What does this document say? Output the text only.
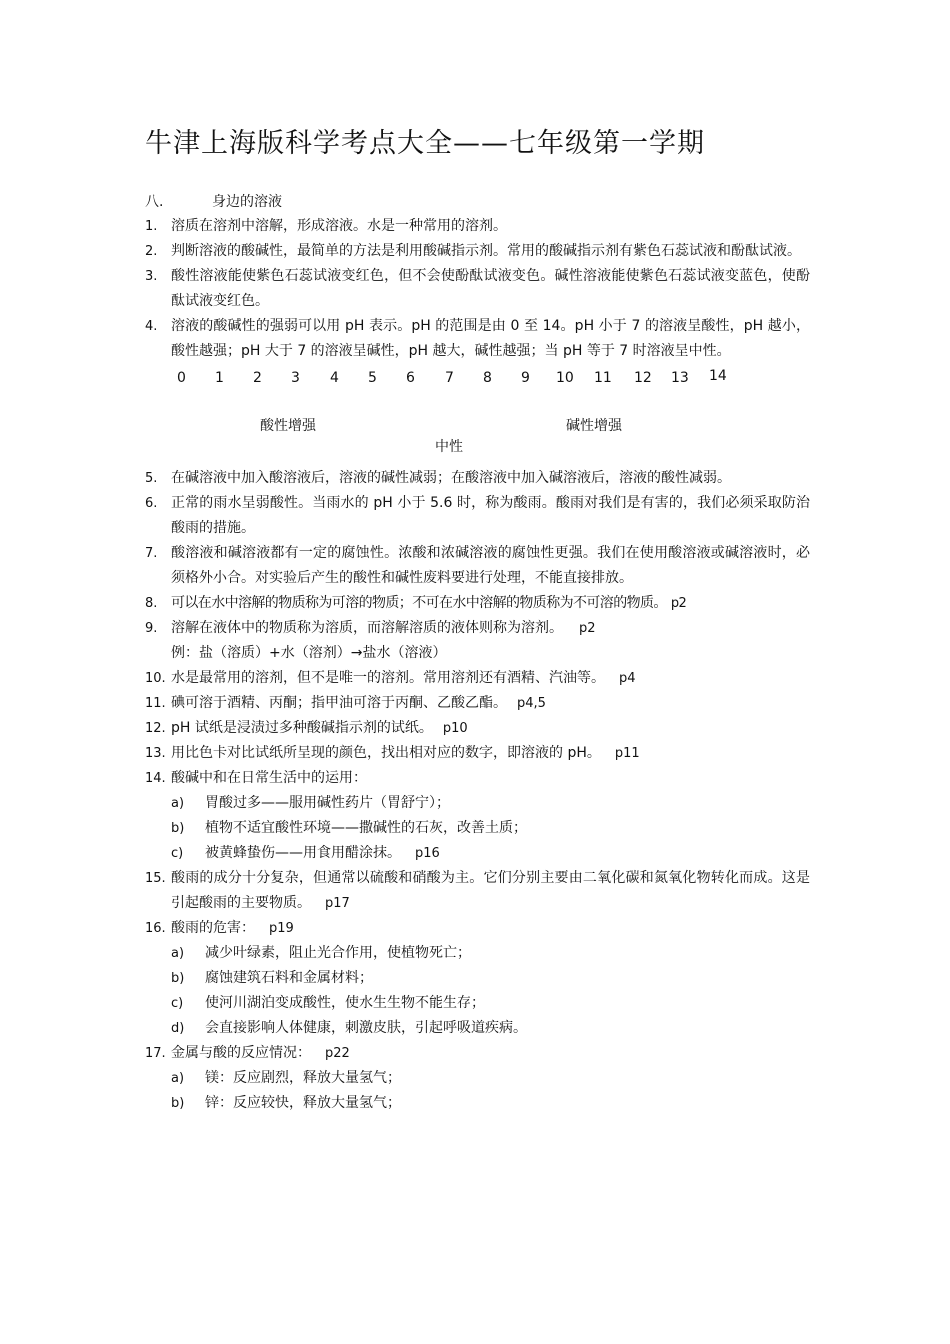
牛津上海版科学考点大全——七年级第一学期
八.	身边的溶液
1. 溶质在溶剂中溶解，形成溶液。水是一种常用的溶剂。
2. 判断溶液的酸碱性，最简单的方法是利用酸碱指示剂。常用的酸碱指示剂有紫色石蕊试液和酚酞试液。
3. 酸性溶液能使紫色石蕊试液变红色，但不会使酚酞试液变色。碱性溶液能使紫色石蕊试液变蓝色，使酚酞试液变红色。
4. 溶液的酸碱性的强弱可以用 pH 表示。pH 的范围是由 0 至 14。pH 小于 7 的溶液呈酸性，pH 越小，酸性越强；pH 大于 7 的溶液呈碱性，pH 越大，碱性越强；当 pH 等于 7 时溶液呈中性。
0 1 2 3 4 5 6 7 8 9 10 11 12 13 14
酸性增强	碱性增强
中性
5. 在碱溶液中加入酸溶液后，溶液的碱性减弱；在酸溶液中加入碱溶液后，溶液的酸性减弱。
6. 正常的雨水呈弱酸性。当雨水的 pH 小于 5.6 时，称为酸雨。酸雨对我们是有害的，我们必须采取防治酸雨的措施。
7. 酸溶液和碱溶液都有一定的腐蚀性。浓酸和浓碱溶液的腐蚀性更强。我们在使用酸溶液或碱溶液时，必须格外小合。对实验后产生的酸性和碱性废料要进行处理，不能直接排放。
8. 可以在水中溶解的物质称为可溶的物质；不可在水中溶解的物质称为不可溶的物质。 p2
9. 溶解在液体中的物质称为溶质，而溶解溶质的液体则称为溶剂。 p2
例：盐（溶质）+水（溶剂）→盐水（溶液）
10. 水是最常用的溶剂，但不是唯一的溶剂。常用溶剂还有酒精、汽油等。 p4
11. 碘可溶于酒精、丙酮；指甲油可溶于丙酮、乙酸乙酯。 p4,5
12. pH 试纸是浸渍过多种酸碱指示剂的试纸。 p10
13. 用比色卡对比试纸所呈现的颜色，找出相对应的数字，即溶液的 pH。 p11
14. 酸碱中和在日常生活中的运用：
a) 胃酸过多——服用碱性药片（胃舒宁）；
b) 植物不适宜酸性环境——撒碱性的石灰，改善土质；
c) 被黄蜂蛰伤——用食用醋涂抹。 p16
15. 酸雨的成分十分复杂，但通常以硫酸和硝酸为主。它们分别主要由二氧化碳和氮氧化物转化而成。这是引起酸雨的主要物质。 p17
16. 酸雨的危害： p19
a) 减少叶绿素，阻止光合作用，使植物死亡；
b) 腐蚀建筑石料和金属材料；
c) 使河川湖泊变成酸性，使水生生物不能生存；
d) 会直接影响人体健康，刺激皮肤，引起呼吸道疾病。
17. 金属与酸的反应情况： p22
a) 镁：反应剧烈，释放大量氢气；
b) 锌：反应较快，释放大量氢气；
